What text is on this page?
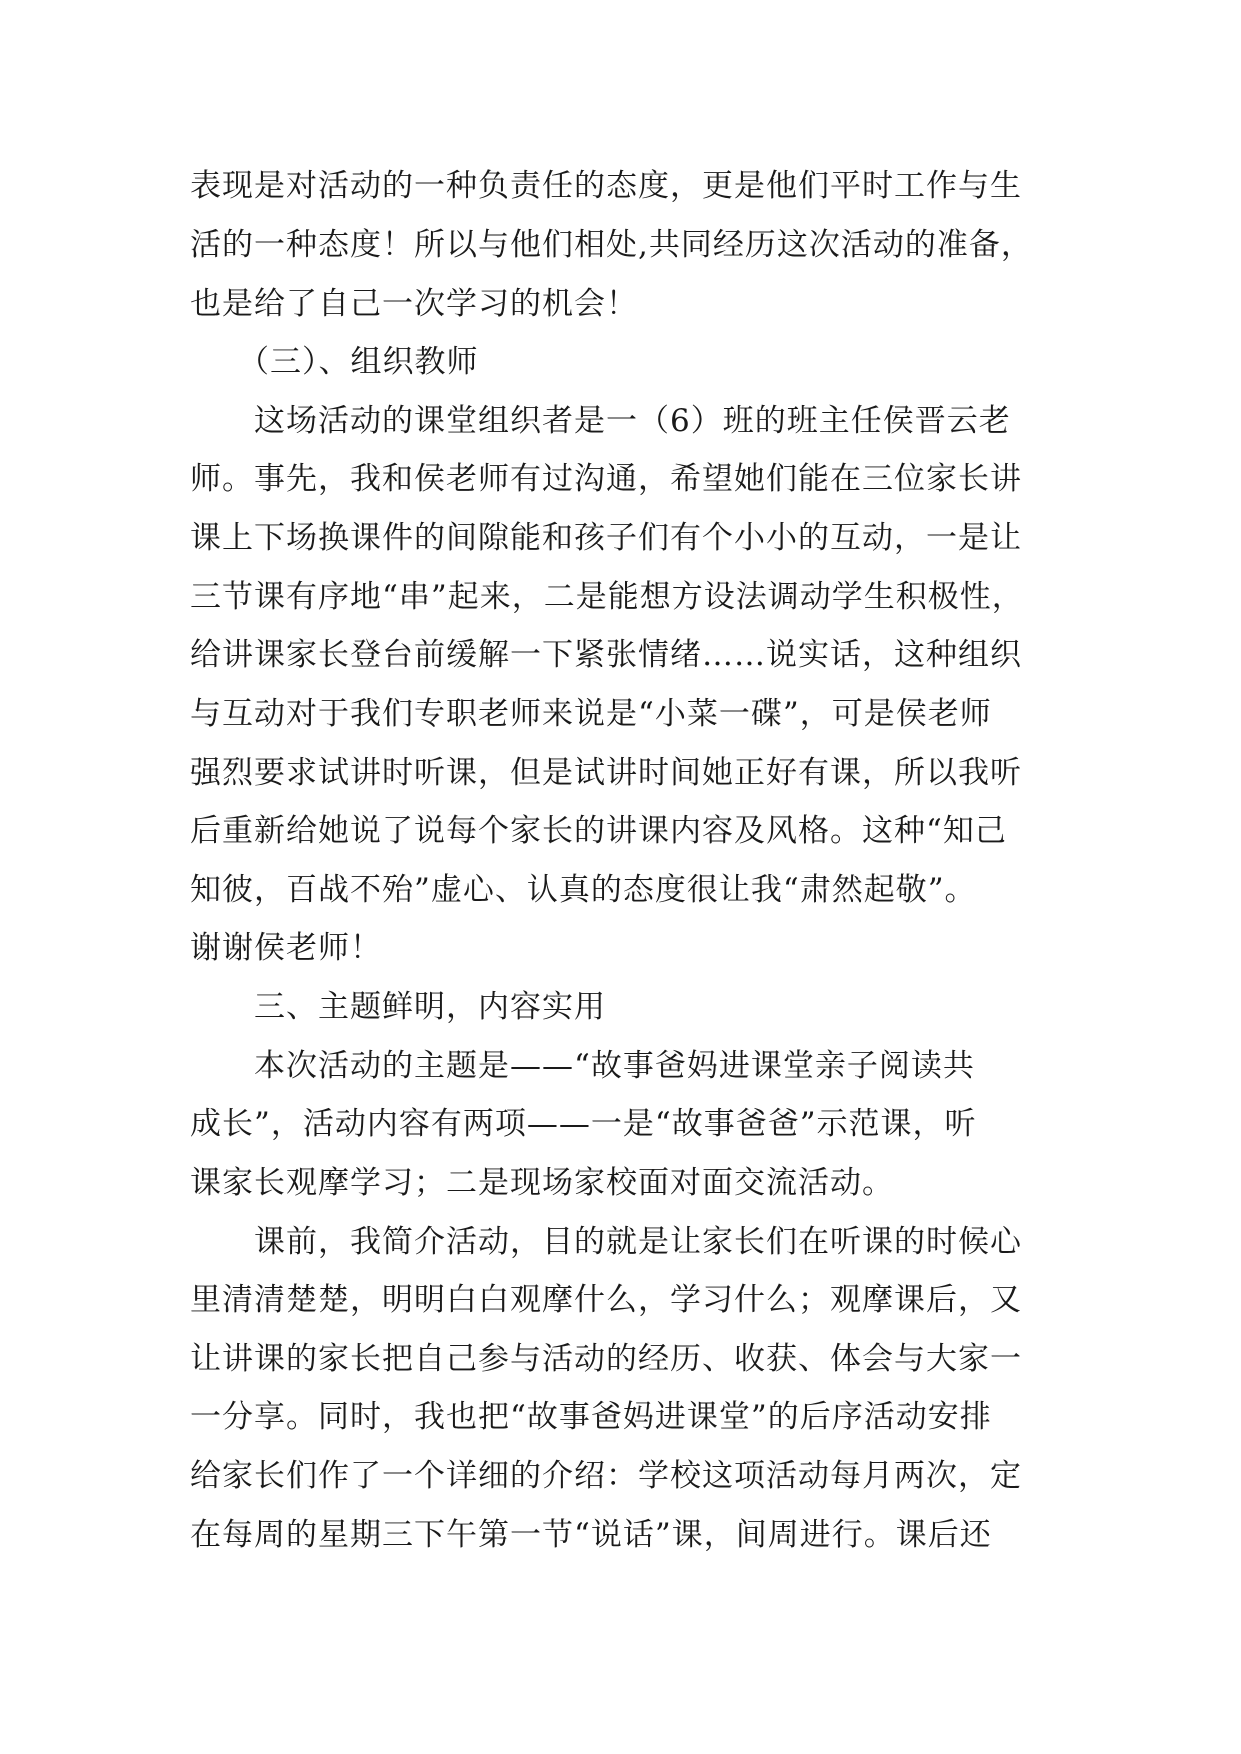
表现是对活动的一种负责任的态度，更是他们平时工作与生
活的一种态度！所以与他们相处,共同经历这次活动的准备，
也是给了自己一次学习的机会！
（三）、组织教师
这场活动的课堂组织者是一（6）班的班主任侯晋云老
师。事先，我和侯老师有过沟通，希望她们能在三位家长讲
课上下场换课件的间隙能和孩子们有个小小的互动，一是让
三节课有序地“串”起来，二是能想方设法调动学生积极性，
给讲课家长登台前缓解一下紧张情绪……说实话，这种组织
与互动对于我们专职老师来说是“小菜一碟”，可是侯老师
强烈要求试讲时听课，但是试讲时间她正好有课，所以我听
后重新给她说了说每个家长的讲课内容及风格。这种“知己
知彼，百战不殆”虚心、认真的态度很让我“肃然起敬”。
谢谢侯老师！
三、主题鲜明，内容实用
本次活动的主题是——“故事爸妈进课堂亲子阅读共
成长”，活动内容有两项——一是“故事爸爸”示范课，听
课家长观摩学习；二是现场家校面对面交流活动。
课前，我简介活动，目的就是让家长们在听课的时候心
里清清楚楚，明明白白观摩什么，学习什么；观摩课后，又
让讲课的家长把自己参与活动的经历、收获、体会与大家一
一分享。同时，我也把“故事爸妈进课堂”的后序活动安排
给家长们作了一个详细的介绍：学校这项活动每月两次，定
在每周的星期三下午第一节“说话”课，间周进行。课后还
